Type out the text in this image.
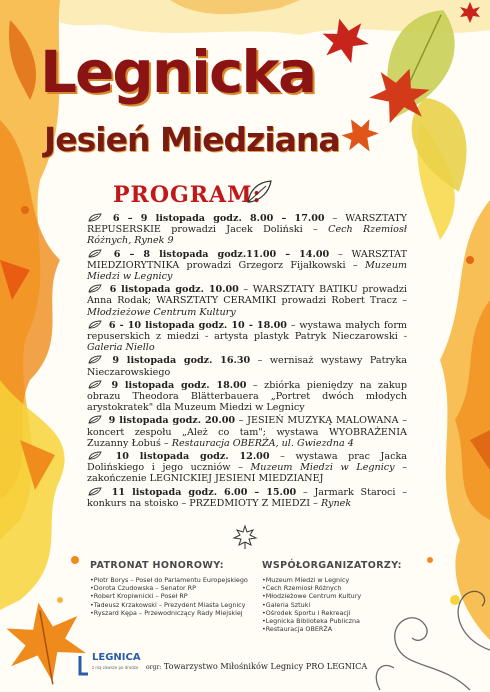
Legnicka
Jesień Miedziana
PROGRAM:

6 – 9 listopada godz. 8.00 – 17.00 – WARSZTATY REPUSERSKIE prowadzi Jacek Doliński – Cech Rzemiosł Różnych, Rynek 9

6 – 8 listopada godz.11.00 – 14.00 – WARSZTAT MIEDZIORYTNIKA prowadzi Grzegorz Fijałkowski – Muzeum Miedzi w Legnicy

6 listopada godz. 10.00 – WARSZTATY BATIKU prowadzi Anna Rodak; WARSZTATY CERAMIKI prowadzi Robert Tracz – Młodzieżowe Centrum Kultury

6 - 10 listopada godz. 10 - 18.00 – wystawa małych form repuserskich z miedzi - artysta plastyk Patryk Nieczarowski - Galeria Niello

9 listopada godz. 16.30 – wernisaż wystawy Patryka Nieczarowskiego

9 listopada godz. 18.00 – zbiórka pieniędzy na zakup obrazu Theodora Blätterbauera „Portret dwóch młodych arystokratek" dla Muzeum Miedzi w Legnicy

9 listopada godz. 20.00 – JESIEŃ MUZYKĄ MALOWANA – koncert zespołu „Ależ co tam"; wystawa WYOBRAŻENIA Zuzanny Łobuś – Restauracja OBERŻA, ul. Gwiezdna 4

10 listopada godz. 12.00 – wystawa prac Jacka Dolińskiego i jego uczniów – Muzeum Miedzi w Legnicy – zakończenie LEGNICKIEJ JESIENI MIEDZIANEJ

11 listopada godz. 6.00 – 15.00 – Jarmark Staroci – konkurs na stoisko – PRZEDMIOTY Z MIEDZI – Rynek

PATRONAT HONOROWY:
•Piotr Borys – Poseł do Parlamentu Europejskiego
•Dorota Czudowska – Senator RP
•Robert Kropiwnicki – Poseł RP
•Tadeusz Krzakowski – Prezydent Miasta Legnicy
•Ryszard Kępa – Przewodniczący Rady Miejskiej
WSPÓŁORGANIZATORZY:
•Muzeum Miedzi w Legnicy
•Cech Rzemiosł Różnych
•Młodzieżowe Centrum Kultury
•Galeria Sztuki
•Ośrodek Sportu i Rekreacji
•Legnicka Biblioteka Publiczna
•Restauracja OBERŻA
LEGNICA
z nią zawsze po drodze orgr: Towarzystwo Miłośników Legnicy PRO LEGNICA
